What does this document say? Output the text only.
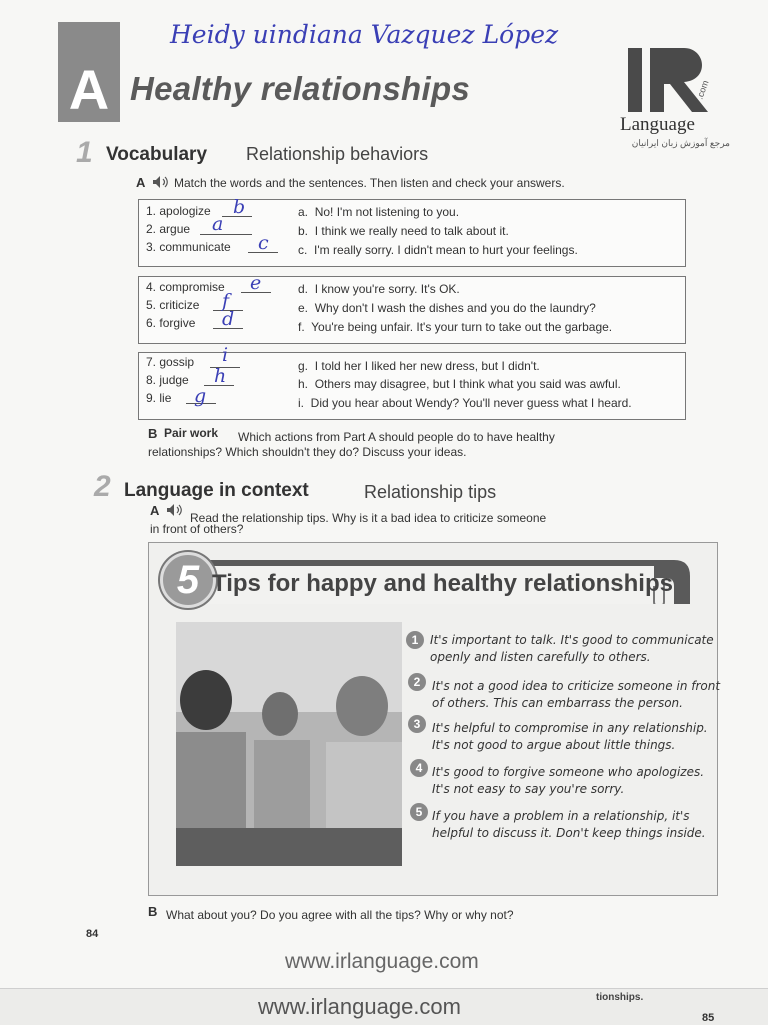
Heidy uindiana Vazquez López
A Healthy relationships	.com
Language
مرجع آموزش زبان ایرانیان
1 Vocabulary Relationship behaviors
A Match the words and the sentences. Then listen and check your answers.
1. apologize b
2. argue a
3. communicate c
a. No! I'm not listening to you.
b. I think we really need to talk about it.
c. I'm really sorry. I didn't mean to hurt your feelings.
4. compromise e
5. criticize f
6. forgive d
d. I know you're sorry. It's OK.
e. Why don't I wash the dishes and you do the laundry?
f. You're being unfair. It's your turn to take out the garbage.
7. gossip i
8. judge h
9. lie g
g. I told her I liked her new dress, but I didn't.
h. Others may disagree, but I think what you said was awful.
i. Did you hear about Wendy? You'll never guess what I heard.
B Pair work Which actions from Part A should people do to have healthy
relationships? Which shouldn't they do? Discuss your ideas.
2 Language in context	Relationship tips
A	Read the relationship tips. Why is it a bad idea to criticize someone
in front of others?
5 Tips for happy and healthy relationships
1 It's important to talk. It's good to communicate
openly and listen carefully to others.
2 It's not a good idea to criticize someone in front
of others. This can embarrass the person.
3 It's helpful to compromise in any relationship.
It's not good to argue about little things.
4 It's good to forgive someone who apologizes.
It's not easy to say you're sorry.
5 If you have a problem in a relationship, it's
helpful to discuss it. Don't keep things inside.
B What about you? Do you agree with all the tips? Why or why not?
84
www.irlanguage.com
tionships.
www.irlanguage.com	85
